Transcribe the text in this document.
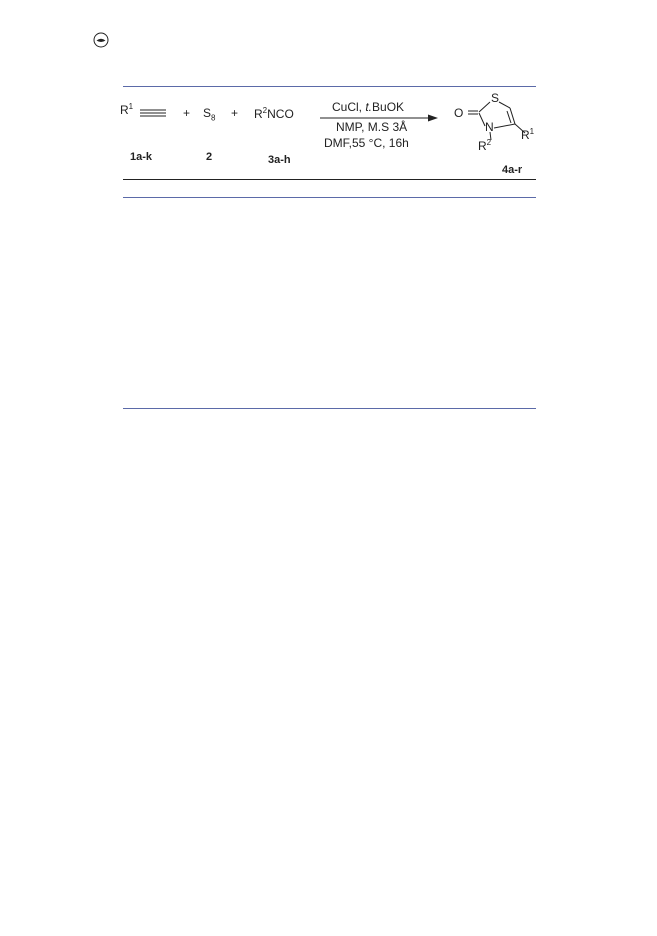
$R^1$
1a-k
+ $S_8$
2
+ $R^2NCO$
3a-h
CuCl, t.BuOK
NMP, M.S 3Å
DMF,55 °C, 16h
O
S
N
$R^1$
$R^2$
4a-r
